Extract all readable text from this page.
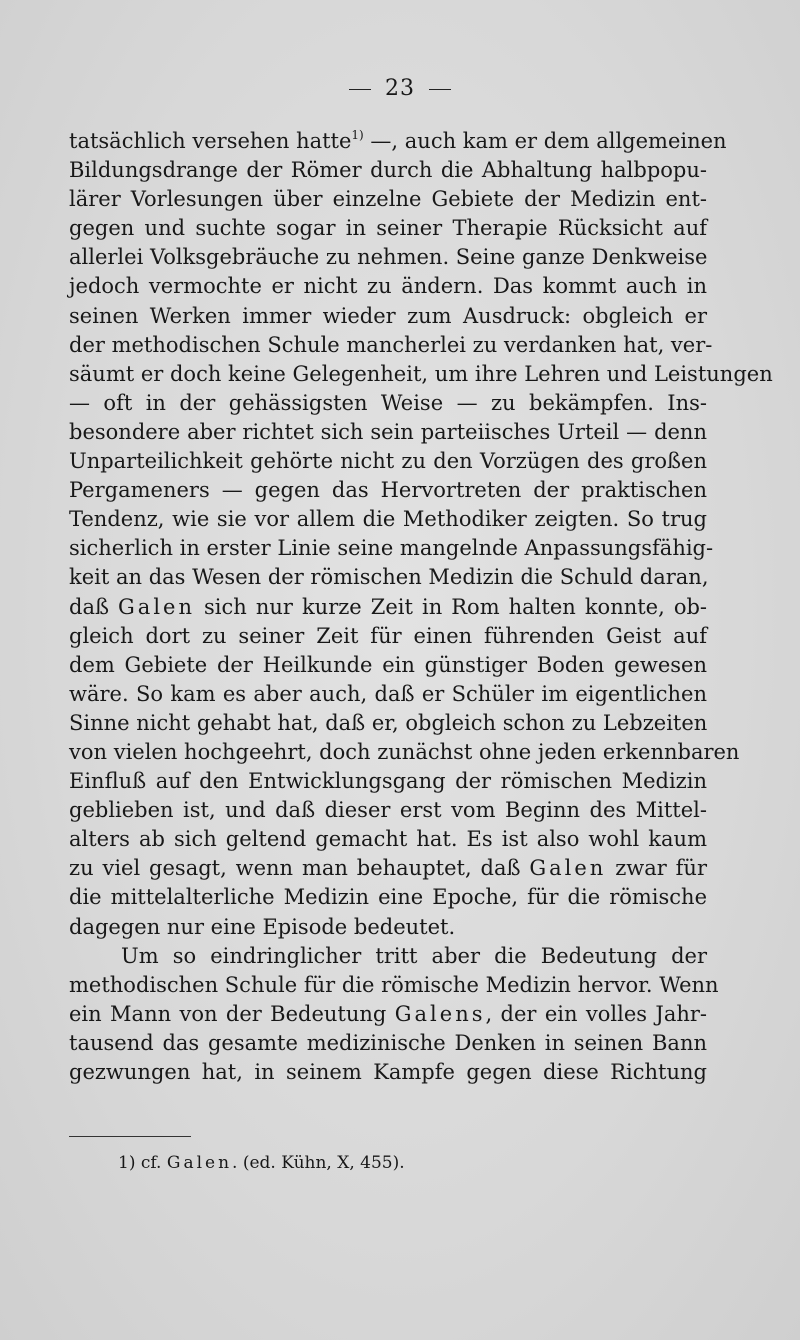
23
tatsächlich versehen hatte$^{1)}$ —, auch kam er dem allgemeinen
Bildungsdrange der Römer durch die Abhaltung halbpopu-
lärer Vorlesungen über einzelne Gebiete der Medizin ent-
gegen und suchte sogar in seiner Therapie Rücksicht auf
allerlei Volksgebräuche zu nehmen. Seine ganze Denkweise
jedoch vermochte er nicht zu ändern. Das kommt auch in
seinen Werken immer wieder zum Ausdruck: obgleich er
der methodischen Schule mancherlei zu verdanken hat, ver-
säumt er doch keine Gelegenheit, um ihre Lehren und Leistungen
— oft in der gehässigsten Weise — zu bekämpfen. Ins-
besondere aber richtet sich sein parteiisches Urteil — denn
Unparteilichkeit gehörte nicht zu den Vorzügen des großen
Pergameners — gegen das Hervortreten der praktischen
Tendenz, wie sie vor allem die Methodiker zeigten. So trug
sicherlich in erster Linie seine mangelnde Anpassungsfähig-
keit an das Wesen der römischen Medizin die Schuld daran,
daß Galen sich nur kurze Zeit in Rom halten konnte, ob-
gleich dort zu seiner Zeit für einen führenden Geist auf
dem Gebiete der Heilkunde ein günstiger Boden gewesen
wäre. So kam es aber auch, daß er Schüler im eigentlichen
Sinne nicht gehabt hat, daß er, obgleich schon zu Lebzeiten
von vielen hochgeehrt, doch zunächst ohne jeden erkennbaren
Einfluß auf den Entwicklungsgang der römischen Medizin
geblieben ist, und daß dieser erst vom Beginn des Mittel-
alters ab sich geltend gemacht hat. Es ist also wohl kaum
zu viel gesagt, wenn man behauptet, daß Galen zwar für
die mittelalterliche Medizin eine Epoche, für die römische
dagegen nur eine Episode bedeutet.
Um so eindringlicher tritt aber die Bedeutung der
methodischen Schule für die römische Medizin hervor. Wenn
ein Mann von der Bedeutung Galens, der ein volles Jahr-
tausend das gesamte medizinische Denken in seinen Bann
gezwungen hat, in seinem Kampfe gegen diese Richtung
1) cf. Galen. (ed. Kühn, X, 455).
